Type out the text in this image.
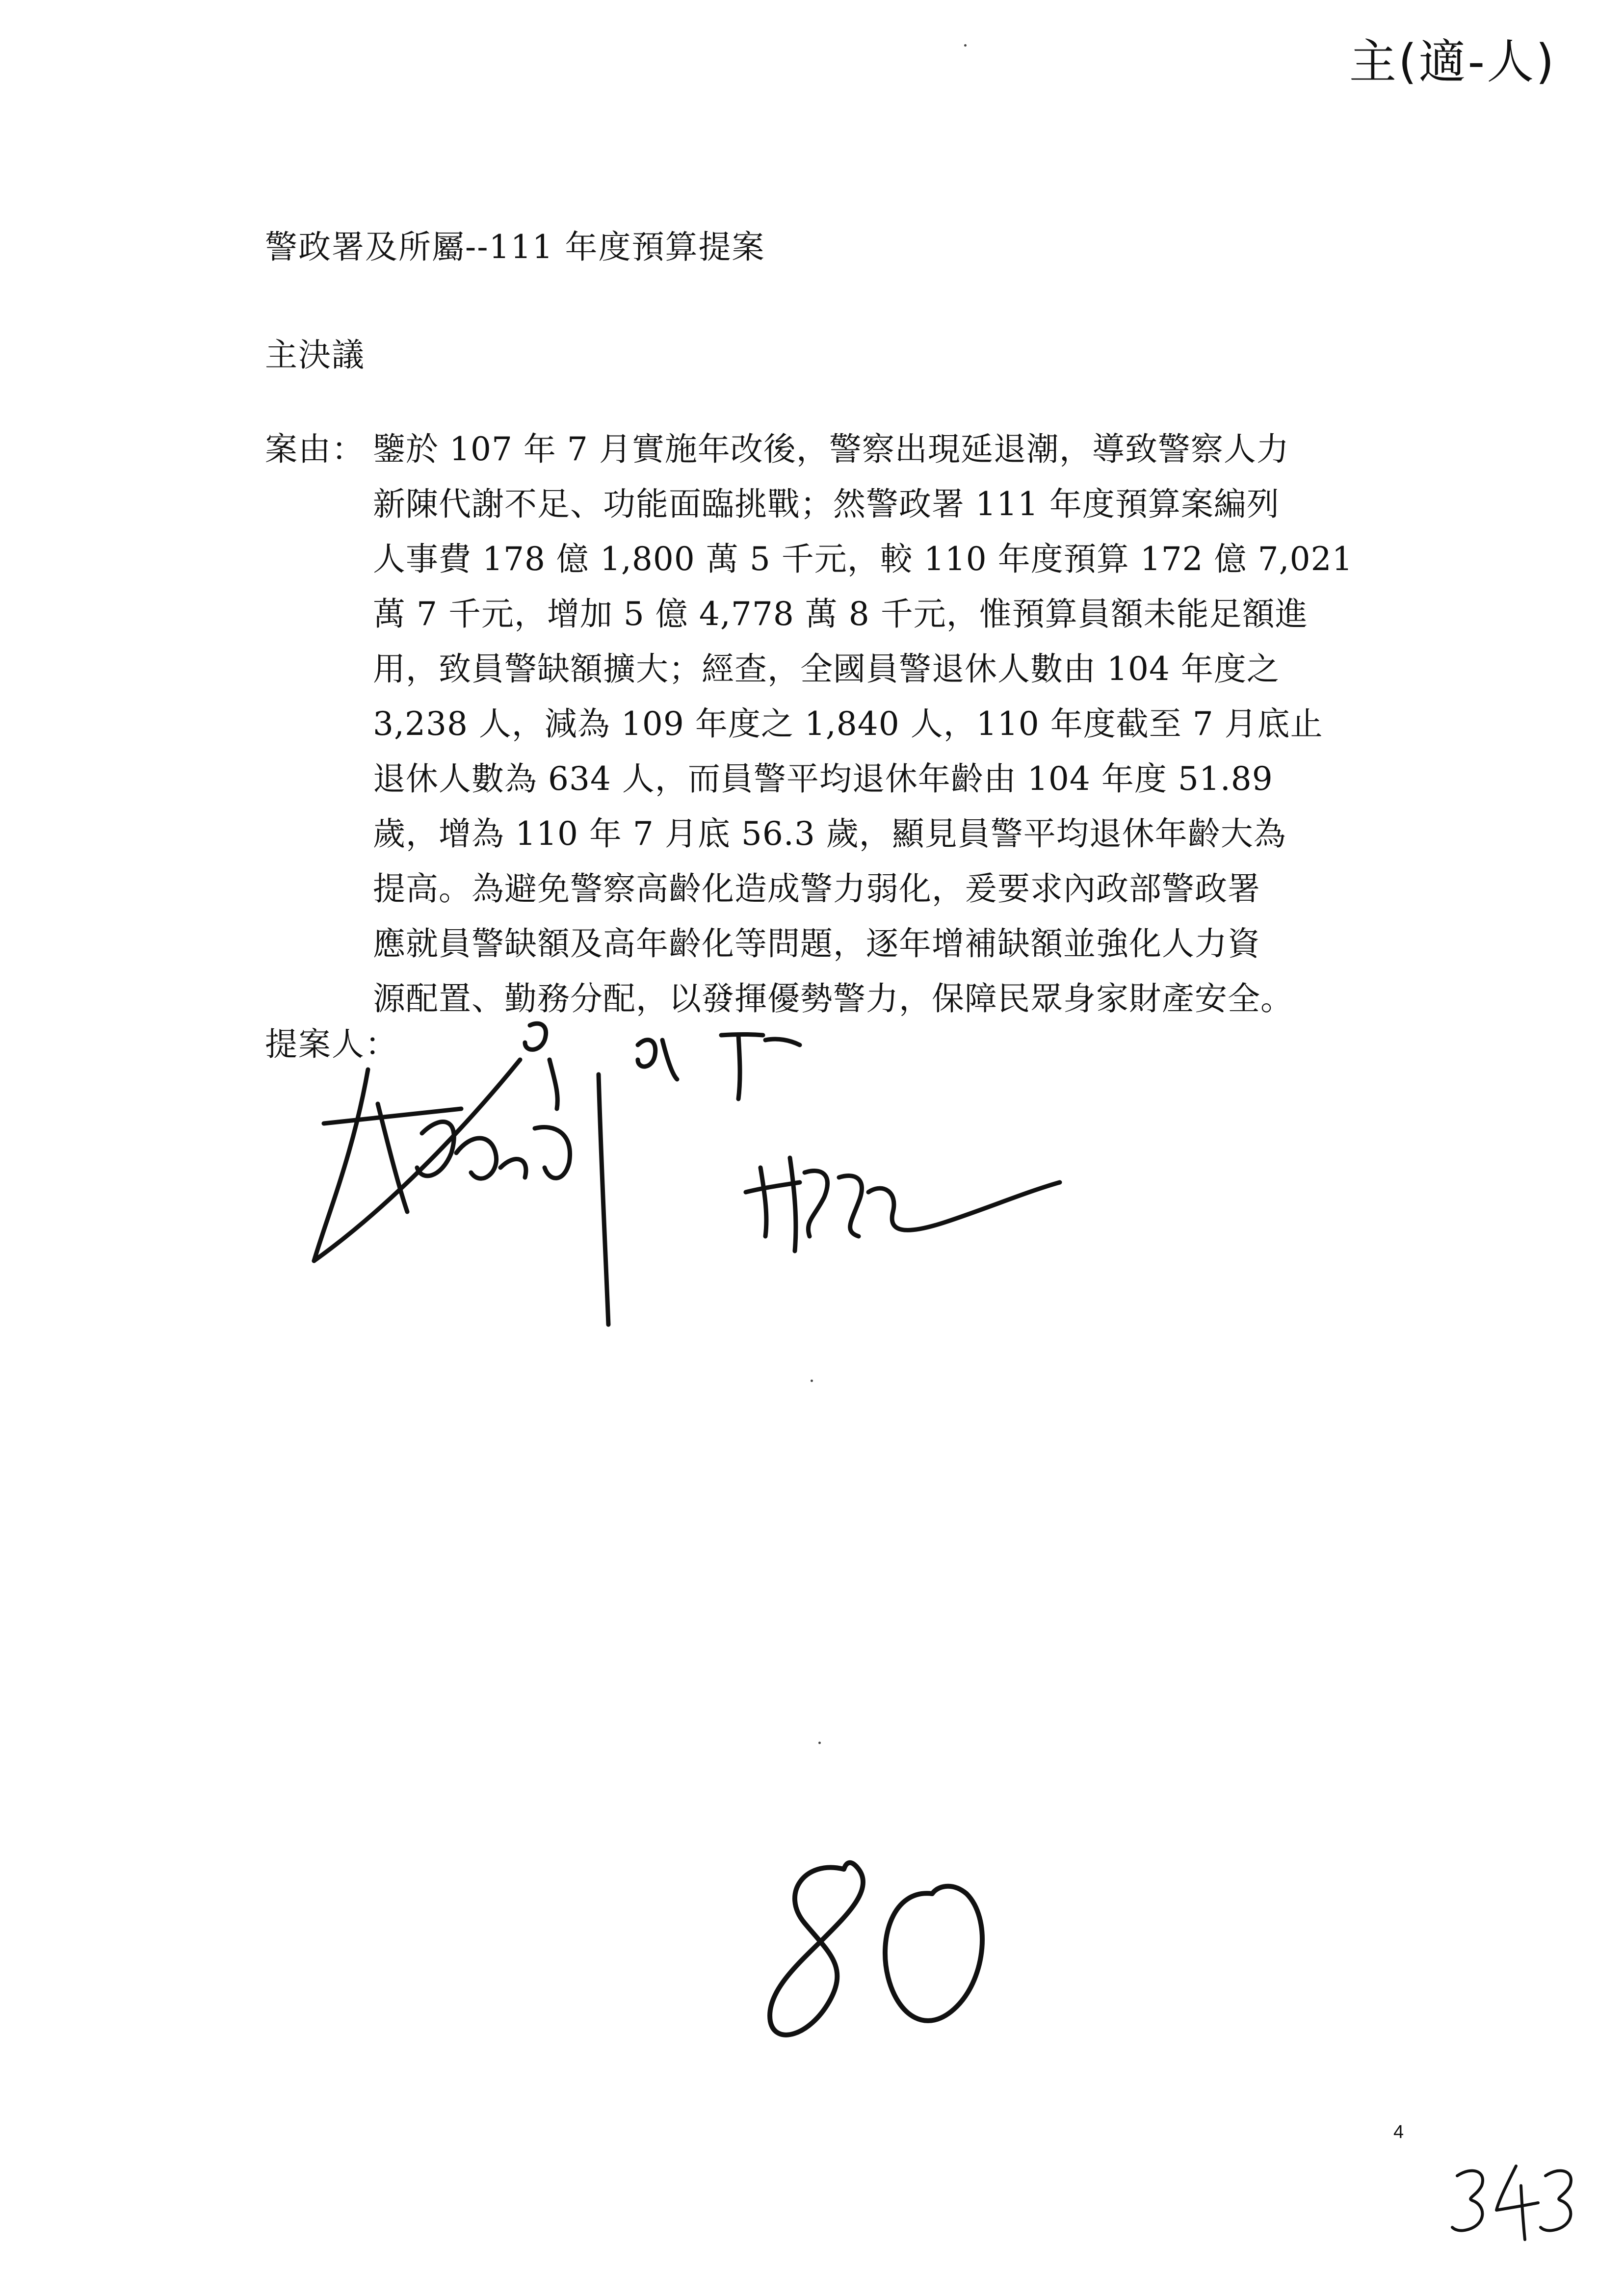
主(適-人)
警政署及所屬--111 年度預算提案
主決議
案由： 鑒於 107 年 7 月實施年改後，警察出現延退潮，導致警察人力
新陳代謝不足、功能面臨挑戰；然警政署 111 年度預算案編列
人事費 178 億 1,800 萬 5 千元，較 110 年度預算 172 億 7,021
萬 7 千元，增加 5 億 4,778 萬 8 千元，惟預算員額未能足額進
用，致員警缺額擴大；經查，全國員警退休人數由 104 年度之
3,238 人，減為 109 年度之 1,840 人，110 年度截至 7 月底止
退休人數為 634 人，而員警平均退休年齡由 104 年度 51.89
歲，增為 110 年 7 月底 56.3 歲，顯見員警平均退休年齡大為
提高。為避免警察高齡化造成警力弱化，爰要求內政部警政署
應就員警缺額及高年齡化等問題，逐年增補缺額並強化人力資
源配置、勤務分配，以發揮優勢警力，保障民眾身家財產安全。
提案人：
4
